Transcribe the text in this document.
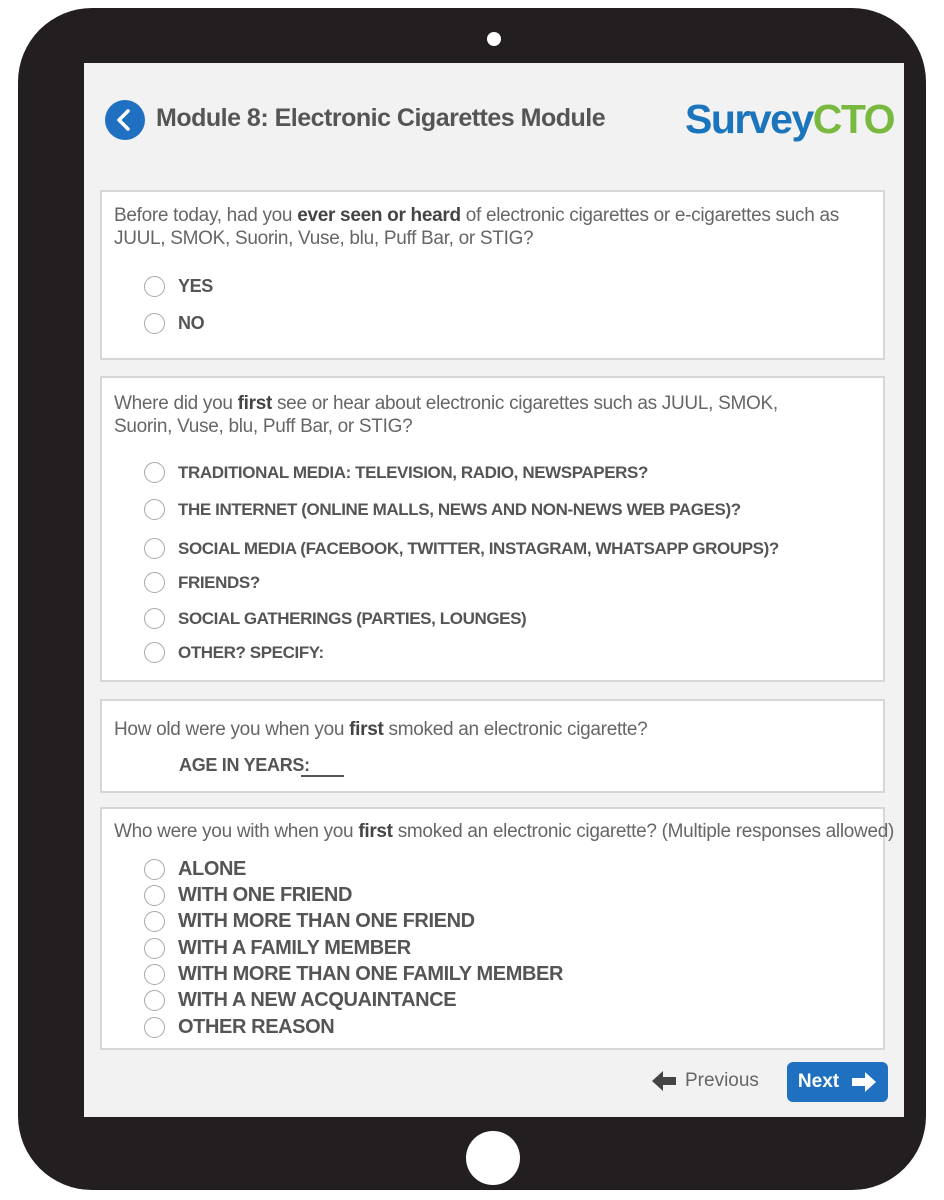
Module 8: Electronic Cigarettes Module SurveyCTO
Before today, had you ever seen or heard of electronic cigarettes or e-cigarettes such as JUUL, SMOK, Suorin, Vuse, blu, Puff Bar, or STIG?
YES
NO
Where did you first see or hear about electronic cigarettes such as JUUL, SMOK, Suorin, Vuse, blu, Puff Bar, or STIG?
TRADITIONAL MEDIA: TELEVISION, RADIO, NEWSPAPERS?
THE INTERNET (ONLINE MALLS, NEWS AND NON-NEWS WEB PAGES)?
SOCIAL MEDIA (FACEBOOK, TWITTER, INSTAGRAM, WHATSAPP GROUPS)?
FRIENDS?
SOCIAL GATHERINGS (PARTIES, LOUNGES)
OTHER? SPECIFY:
How old were you when you first smoked an electronic cigarette?
AGE IN YEARS:
Who were you with when you first smoked an electronic cigarette? (Multiple responses allowed)
ALONE
WITH ONE FRIEND
WITH MORE THAN ONE FRIEND
WITH A FAMILY MEMBER
WITH MORE THAN ONE FAMILY MEMBER
WITH A NEW ACQUAINTANCE
OTHER REASON
Previous Next
